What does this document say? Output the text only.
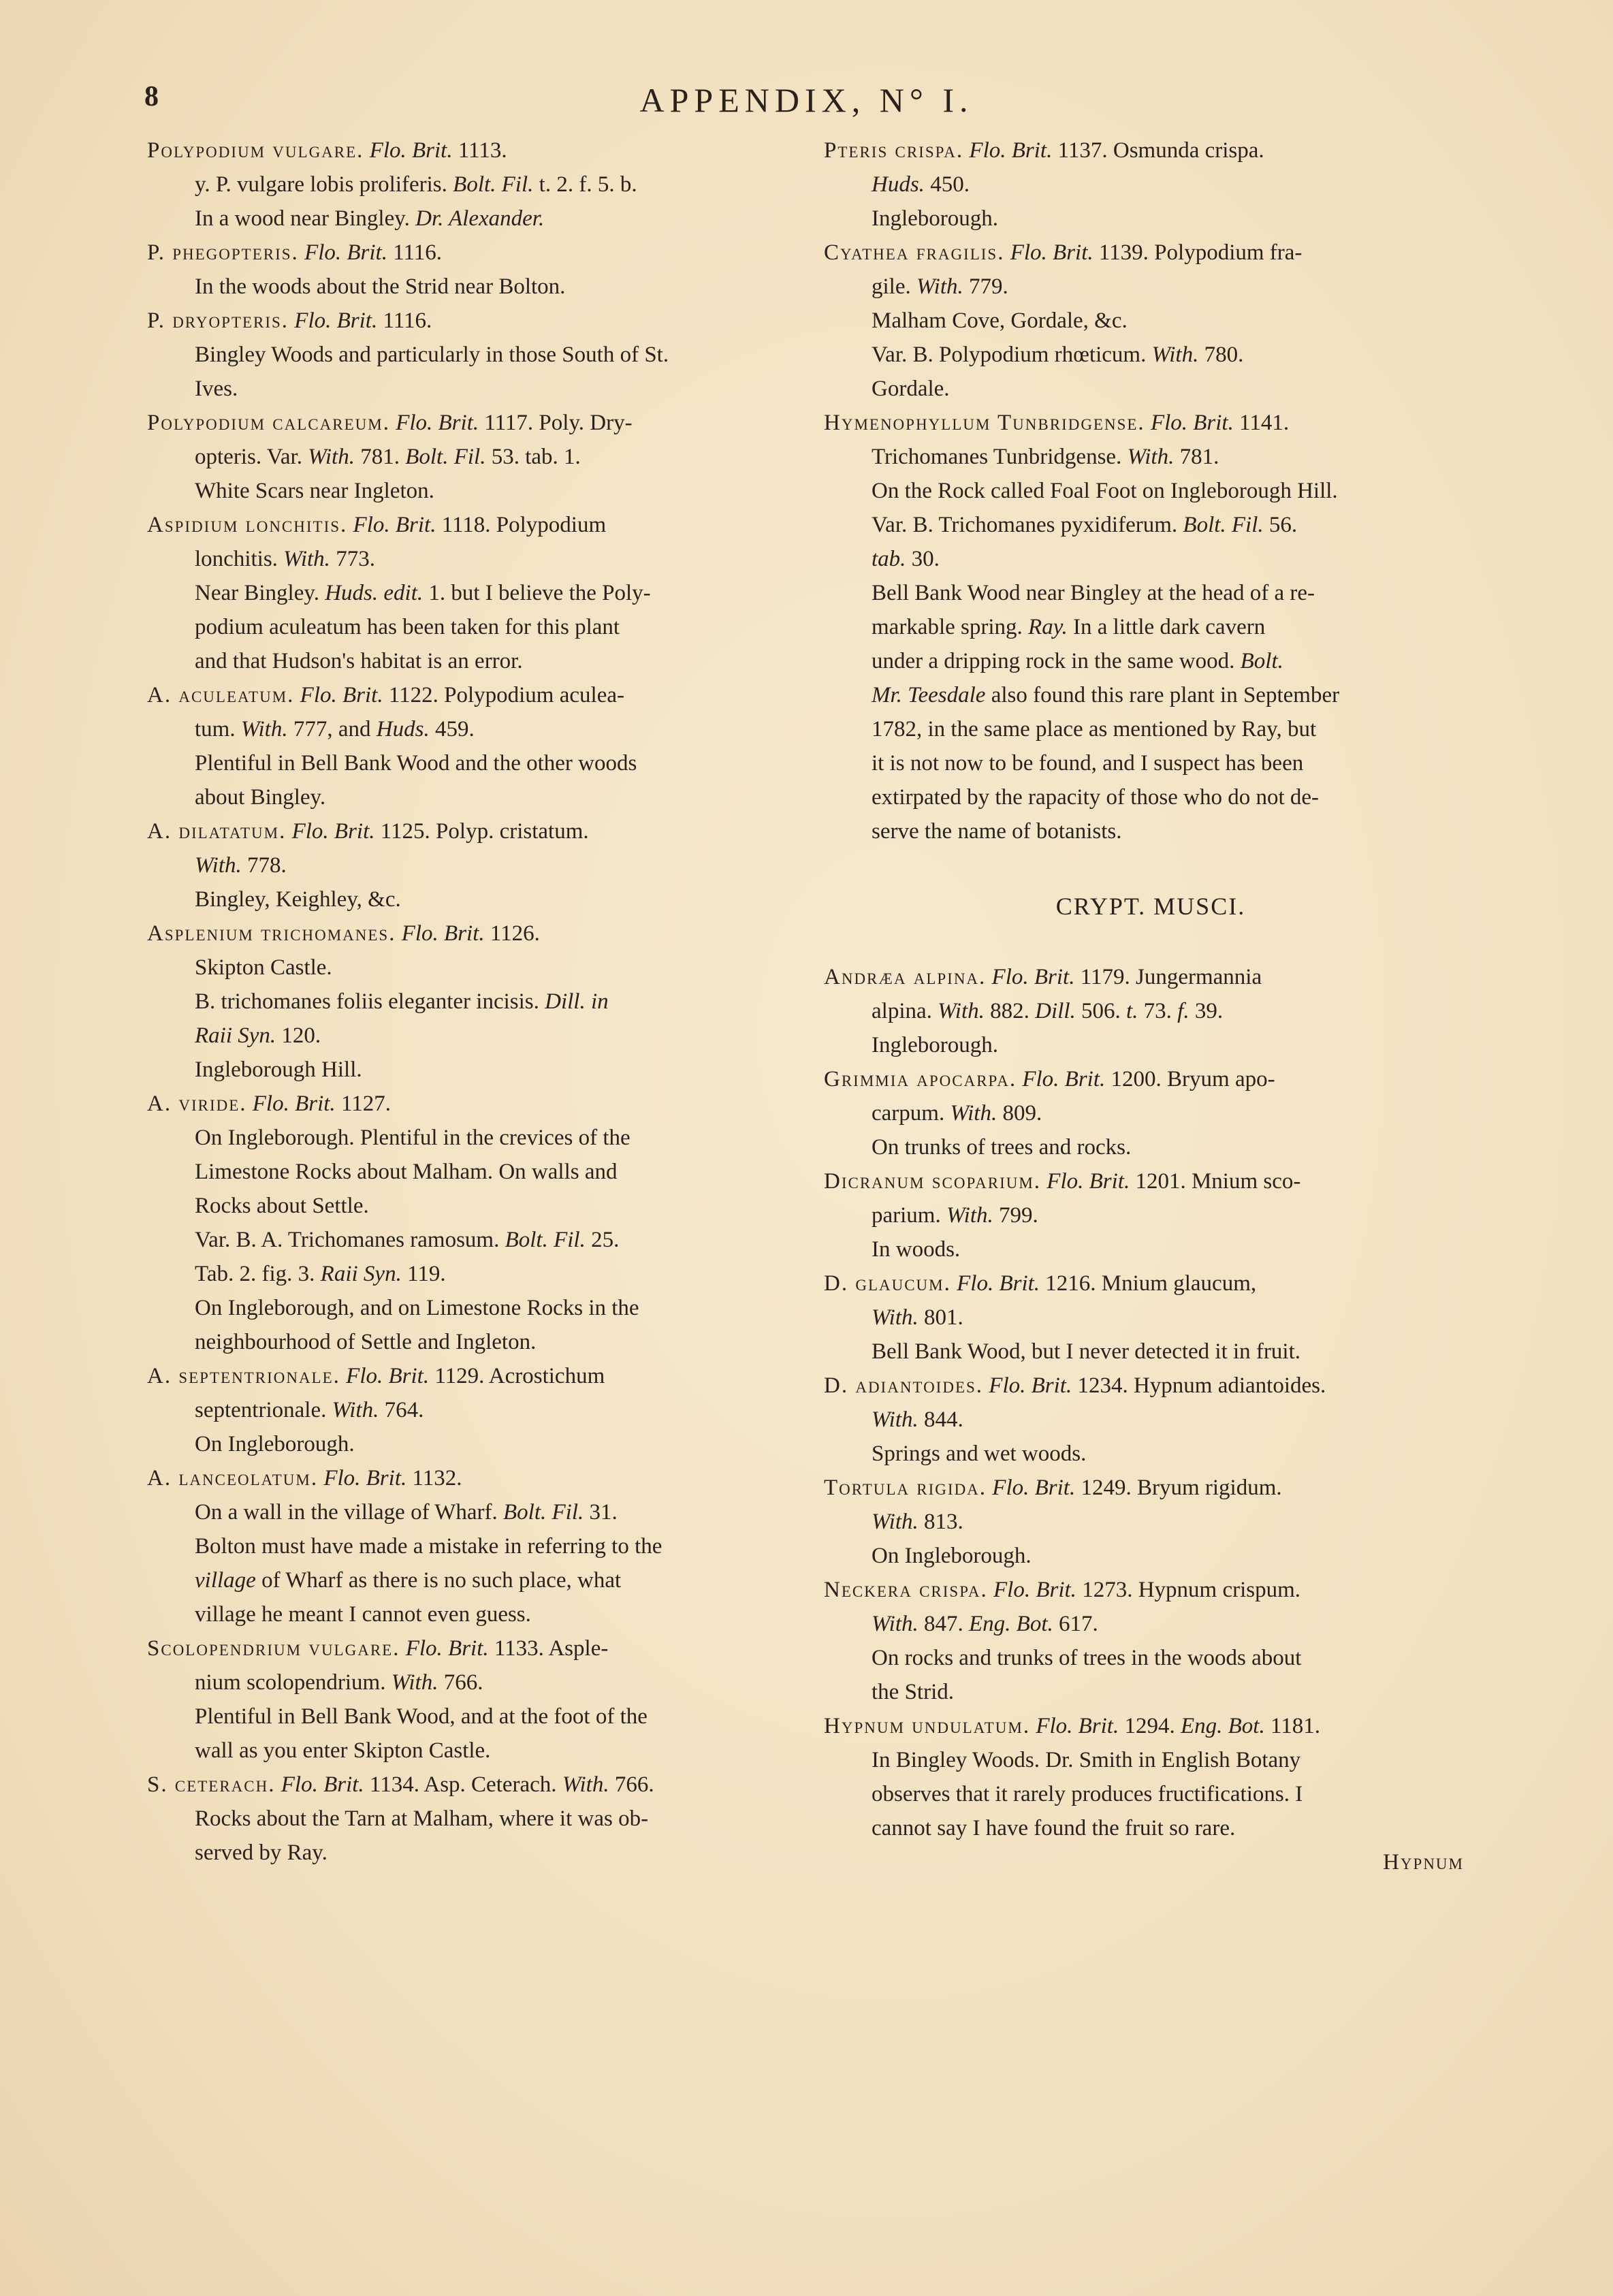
8	APPENDIX, N° I.
Polypodium vulgare. Flo. Brit. 1113.
y. P. vulgare lobis proliferis. Bolt. Fil. t. 2. f. 5. b.
In a wood near Bingley. Dr. Alexander.
P. phegopteris. Flo. Brit. 1116.
In the woods about the Strid near Bolton.
P. dryopteris. Flo. Brit. 1116.
Bingley Woods and particularly in those South of St.
Ives.
Polypodium calcareum. Flo. Brit. 1117. Poly. Dry-
opteris. Var. With. 781. Bolt. Fil. 53. tab. 1.
White Scars near Ingleton.
Aspidium lonchitis. Flo. Brit. 1118. Polypodium
lonchitis. With. 773.
Near Bingley. Huds. edit. 1. but I believe the Poly-
podium aculeatum has been taken for this plant
and that Hudson's habitat is an error.
A. aculeatum. Flo. Brit. 1122. Polypodium aculea-
tum. With. 777, and Huds. 459.
Plentiful in Bell Bank Wood and the other woods
about Bingley.
A. dilatatum. Flo. Brit. 1125. Polyp. cristatum.
With. 778.
Bingley, Keighley, &c.
Asplenium trichomanes. Flo. Brit. 1126.
Skipton Castle.
B. trichomanes foliis eleganter incisis. Dill. in
Raii Syn. 120.
Ingleborough Hill.
A. viride. Flo. Brit. 1127.
On Ingleborough. Plentiful in the crevices of the
Limestone Rocks about Malham. On walls and
Rocks about Settle.
Var. B. A. Trichomanes ramosum. Bolt. Fil. 25.
Tab. 2. fig. 3. Raii Syn. 119.
On Ingleborough, and on Limestone Rocks in the
neighbourhood of Settle and Ingleton.
A. septentrionale. Flo. Brit. 1129. Acrostichum
septentrionale. With. 764.
On Ingleborough.
A. lanceolatum. Flo. Brit. 1132.
On a wall in the village of Wharf. Bolt. Fil. 31.
Bolton must have made a mistake in referring to the
village of Wharf as there is no such place, what
village he meant I cannot even guess.
Scolopendrium vulgare. Flo. Brit. 1133. Asple-
nium scolopendrium. With. 766.
Plentiful in Bell Bank Wood, and at the foot of the
wall as you enter Skipton Castle.
S. ceterach. Flo. Brit. 1134. Asp. Ceterach. With. 766.
Rocks about the Tarn at Malham, where it was ob-
served by Ray.
Pteris crispa. Flo. Brit. 1137. Osmunda crispa.
Huds. 450.
Ingleborough.
Cyathea fragilis. Flo. Brit. 1139. Polypodium fra-
gile. With. 779.
Malham Cove, Gordale, &c.
Var. B. Polypodium rhœticum. With. 780.
Gordale.
Hymenophyllum Tunbridgense. Flo. Brit. 1141.
Trichomanes Tunbridgense. With. 781.
On the Rock called Foal Foot on Ingleborough Hill.
Var. B. Trichomanes pyxidiferum. Bolt. Fil. 56.
tab. 30.
Bell Bank Wood near Bingley at the head of a re-
markable spring. Ray. In a little dark cavern
under a dripping rock in the same wood. Bolt.
Mr. Teesdale also found this rare plant in September
1782, in the same place as mentioned by Ray, but
it is not now to be found, and I suspect has been
extirpated by the rapacity of those who do not de-
serve the name of botanists.
CRYPT. MUSCI.
Andræa alpina. Flo. Brit. 1179. Jungermannia
alpina. With. 882. Dill. 506. t. 73. f. 39.
Ingleborough.
Grimmia apocarpa. Flo. Brit. 1200. Bryum apo-
carpum. With. 809.
On trunks of trees and rocks.
Dicranum scoparium. Flo. Brit. 1201. Mnium sco-
parium. With. 799.
In woods.
D. glaucum. Flo. Brit. 1216. Mnium glaucum,
With. 801.
Bell Bank Wood, but I never detected it in fruit.
D. adiantoides. Flo. Brit. 1234. Hypnum adiantoides.
With. 844.
Springs and wet woods.
Tortula rigida. Flo. Brit. 1249. Bryum rigidum.
With. 813.
On Ingleborough.
Neckera crispa. Flo. Brit. 1273. Hypnum crispum.
With. 847. Eng. Bot. 617.
On rocks and trunks of trees in the woods about
the Strid.
Hypnum undulatum. Flo. Brit. 1294. Eng. Bot. 1181.
In Bingley Woods. Dr. Smith in English Botany
observes that it rarely produces fructifications. I
cannot say I have found the fruit so rare.
Hypnum
